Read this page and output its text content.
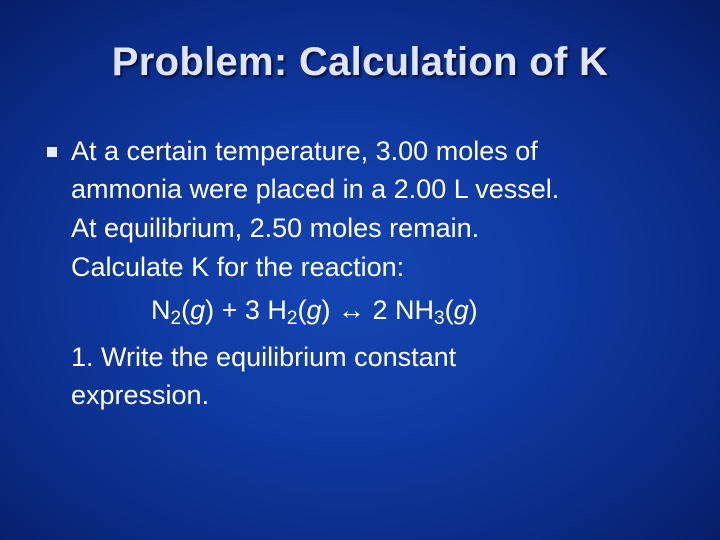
Problem: Calculation of K
At a certain temperature, 3.00 moles of
ammonia were placed in a 2.00 L vessel.
At equilibrium, 2.50 moles remain.
Calculate K for the reaction:
$N_2(g) + 3$ $H_2(g)$ ↔ 2 $NH_3(g)$
1. Write the equilibrium constant
expression.
